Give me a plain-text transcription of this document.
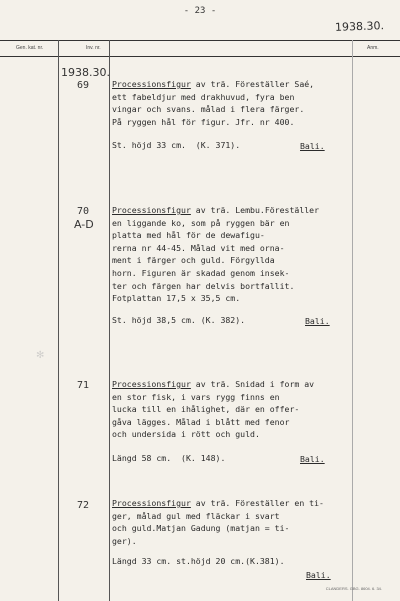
- 23 -
1938.30.
Gen. kat. nr.	Inv. nr.	Anm.
1938.30.
69	Processionsfigur av trä. Föreställer Saé,
ett fabeldjur med drakhuvud, fyra ben
vingar och svans. målad i flera färger.
På ryggen hål för figur. Jfr. nr 400.
St. höjd 33 cm.  (K. 371).	Bali.
70
A-D
Processionsfigur av trä. Lembu.Föreställer
en liggande ko, som på ryggen bär en
platta med hål för de dewafigu-
rerna nr 44-45. Målad vit med orna-
ment i färger och guld. Förgyllda
horn. Figuren är skadad genom insek-
ter och färgen har delvis bortfallit.
Fotplattan 17,5 x 35,5 cm.
St. höjd 38,5 cm. (K. 382).	Bali.
✻
71	Processionsfigur av trä. Snidad i form av
en stor fisk, i vars rygg finns en
lucka till en ihålighet, där en offer-
gåva lägges. Målad i blått med fenor
och undersida i rött och guld.
Längd 58 cm.  (K. 148).	Bali.
72	Processionsfigur av trä. Föreställer en ti-
ger, målad gul med fläckar i svart
och guld.Matjan Gadung (matjan = ti-
ger).
Längd 33 cm. st.höjd 20 cm.(K.381).
Bali.
CLANDERS. GBG. 8604. 6. 34.
